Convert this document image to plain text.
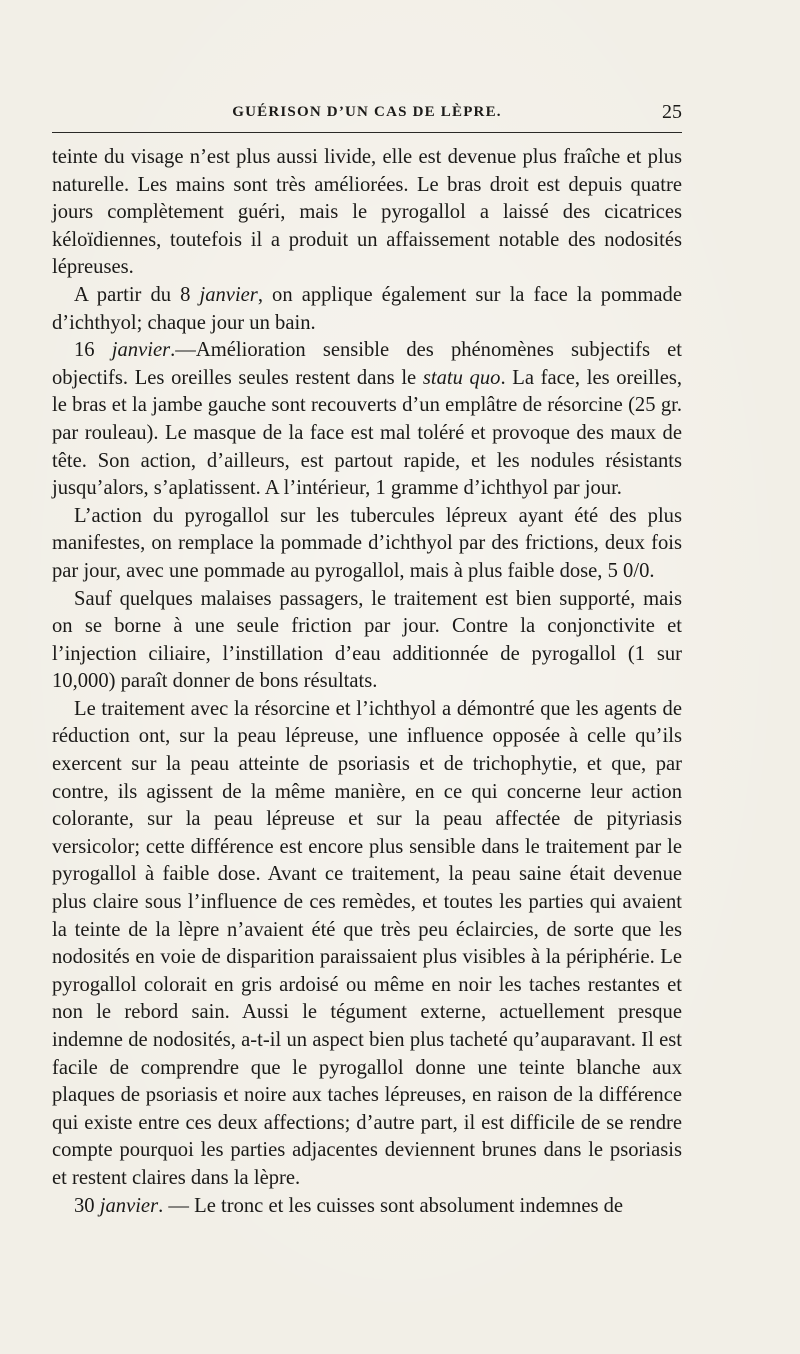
GUÉRISON D’UN CAS DE LÈPRE.	25

teinte du visage n’est plus aussi livide, elle est devenue plus fraîche et plus naturelle. Les mains sont très améliorées. Le bras droit est depuis quatre jours complètement guéri, mais le pyrogallol a laissé des cicatrices kéloïdiennes, toutefois il a produit un affaissement notable des nodosités lépreuses.

A partir du 8 janvier, on applique également sur la face la pommade d’ichthyol; chaque jour un bain.

16 janvier.—Amélioration sensible des phénomènes subjectifs et objectifs. Les oreilles seules restent dans le statu quo. La face, les oreilles, le bras et la jambe gauche sont recouverts d’un emplâtre de résorcine (25 gr. par rouleau). Le masque de la face est mal toléré et provoque des maux de tête. Son action, d’ailleurs, est partout rapide, et les nodules résistants jusqu’alors, s’aplatissent. A l’intérieur, 1 gramme d’ichthyol par jour.

L’action du pyrogallol sur les tubercules lépreux ayant été des plus manifestes, on remplace la pommade d’ichthyol par des frictions, deux fois par jour, avec une pommade au pyrogallol, mais à plus faible dose, 5 0/0.

Sauf quelques malaises passagers, le traitement est bien supporté, mais on se borne à une seule friction par jour. Contre la conjonctivite et l’injection ciliaire, l’instillation d’eau additionnée de pyrogallol (1 sur 10,000) paraît donner de bons résultats.

Le traitement avec la résorcine et l’ichthyol a démontré que les agents de réduction ont, sur la peau lépreuse, une influence opposée à celle qu’ils exercent sur la peau atteinte de psoriasis et de trichophytie, et que, par contre, ils agissent de la même manière, en ce qui concerne leur action colorante, sur la peau lépreuse et sur la peau affectée de pityriasis versicolor; cette différence est encore plus sensible dans le traitement par le pyrogallol à faible dose. Avant ce traitement, la peau saine était devenue plus claire sous l’influence de ces remèdes, et toutes les parties qui avaient la teinte de la lèpre n’avaient été que très peu éclaircies, de sorte que les nodosités en voie de disparition paraissaient plus visibles à la périphérie. Le pyrogallol colorait en gris ardoisé ou même en noir les taches restantes et non le rebord sain. Aussi le tégument externe, actuellement presque indemne de nodosités, a-t-il un aspect bien plus tacheté qu’auparavant. Il est facile de comprendre que le pyrogallol donne une teinte blanche aux plaques de psoriasis et noire aux taches lépreuses, en raison de la différence qui existe entre ces deux affections; d’autre part, il est difficile de se rendre compte pourquoi les parties adjacentes deviennent brunes dans le psoriasis et restent claires dans la lèpre.

30 janvier. — Le tronc et les cuisses sont absolument indemnes de
